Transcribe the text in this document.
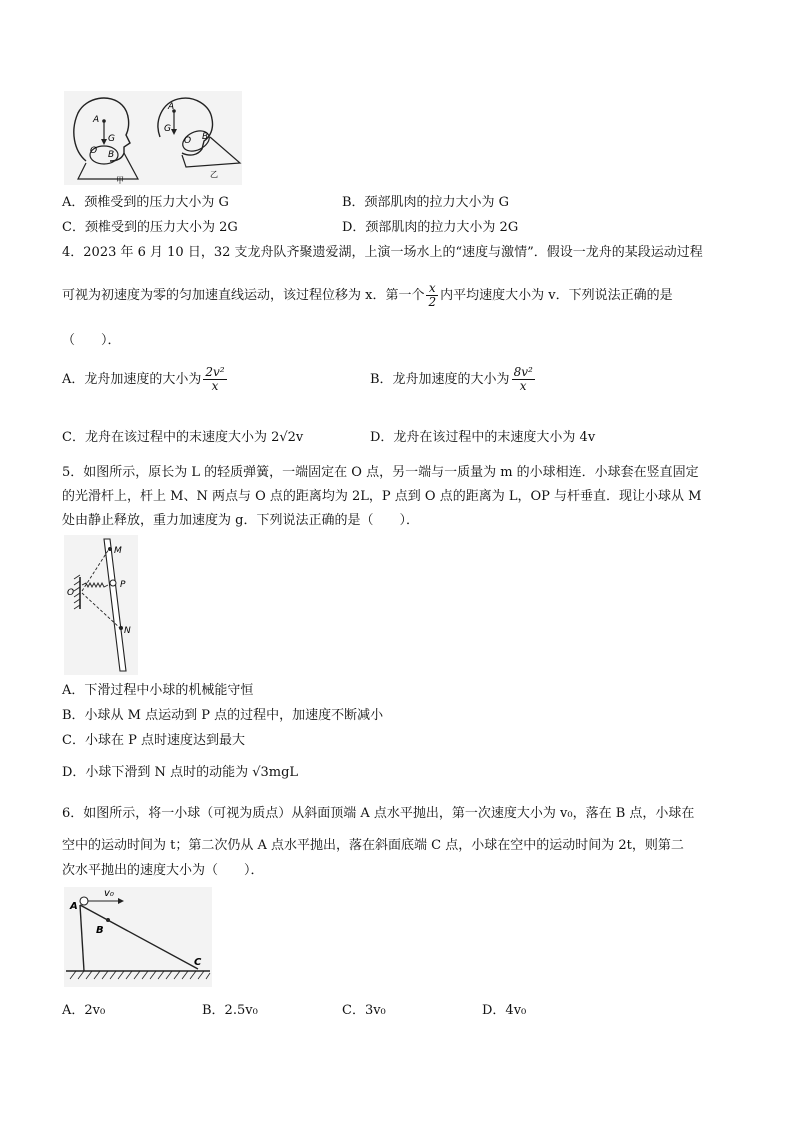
A
G
O B
甲
A
G
O B
乙
A．颈椎受到的压力大小为 G	B．颈部肌肉的拉力大小为 G
C．颈椎受到的压力大小为 2G	D．颈部肌肉的拉力大小为 2G
4．2023 年 6 月 10 日，32 支龙舟队齐聚遗爱湖，上演一场水上的“速度与激情”．假设一龙舟的某段运动过程
可视为初速度为零的匀加速直线运动，该过程位移为 x．第一个 $\frac{x}{2}$ 内平均速度大小为 v．下列说法正确的是
（　　）．
A．龙舟加速度的大小为 $\frac{\text{2v²}}{x}$	B．龙舟加速度的大小为 $\frac{\text{8v²}}{x}$
C．龙舟在该过程中的末速度大小为 2√2v	D．龙舟在该过程中的末速度大小为 4v
5．如图所示，原长为 L 的轻质弹簧，一端固定在 O 点，另一端与一质量为 m 的小球相连．小球套在竖直固定
的光滑杆上，杆上 M、N 两点与 O 点的距离均为 2L，P 点到 O 点的距离为 L，OP 与杆垂直．现让小球从 M
处由静止释放，重力加速度为 g．下列说法正确的是（　　）．
M
P
O
N
A．下滑过程中小球的机械能守恒
B．小球从 M 点运动到 P 点的过程中，加速度不断减小
C．小球在 P 点时速度达到最大
D．小球下滑到 N 点时的动能为 √3mgL
6．如图所示，将一小球（可视为质点）从斜面顶端 A 点水平抛出，第一次速度大小为 v₀，落在 B 点，小球在
空中的运动时间为 t；第二次仍从 A 点水平抛出，落在斜面底端 C 点，小球在空中的运动时间为 2t，则第二
次水平抛出的速度大小为（　　）．
A
B
C
v₀
A．2v₀	B．2.5v₀	C．3v₀	D．4v₀
